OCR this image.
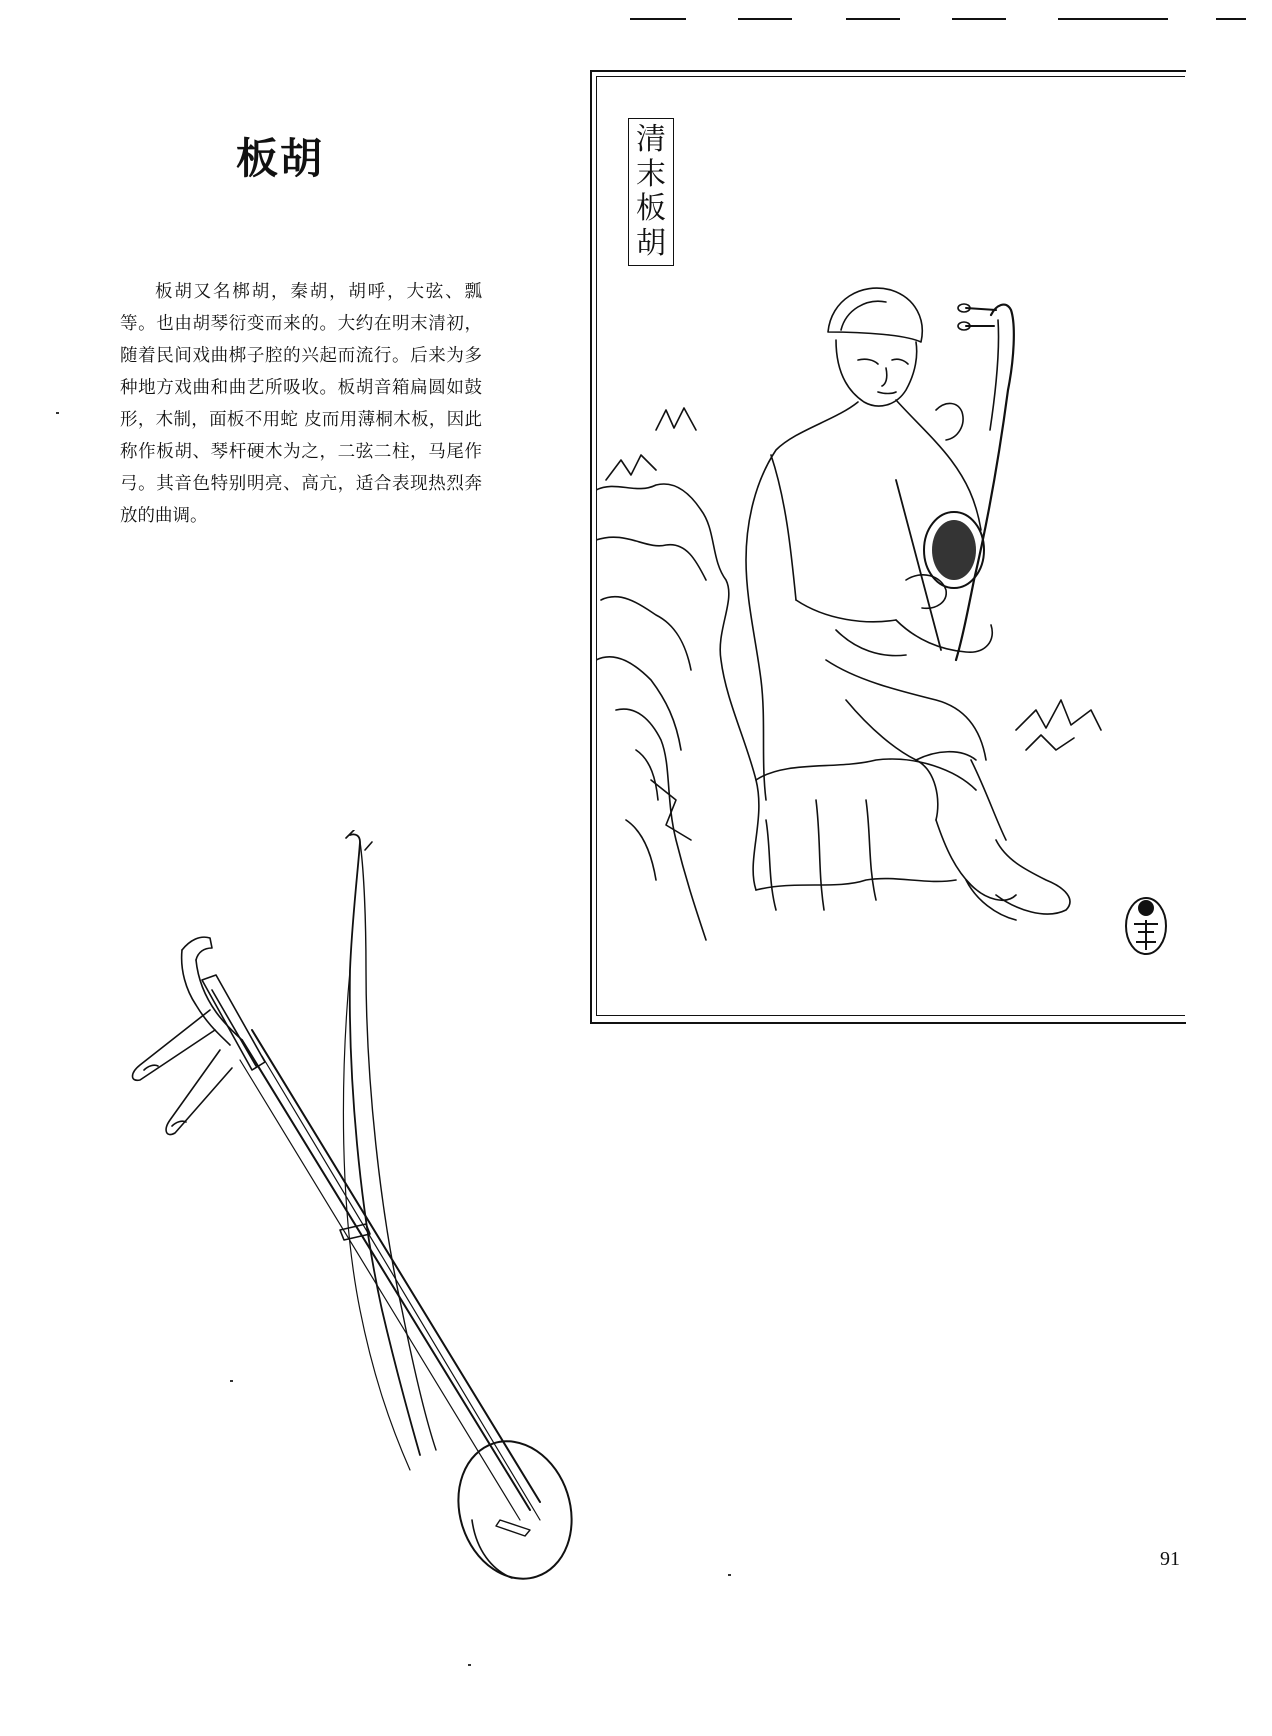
板胡

板胡又名梆胡，秦胡，胡呼，大弦、瓢等。也由胡琴衍变而来的。大约在明末清初，随着民间戏曲梆子腔的兴起而流行。后来为多种地方戏曲和曲艺所吸收。板胡音箱扁圆如鼓形，木制，面板不用蛇 皮而用薄桐木板，因此称作板胡、琴杆硬木为之，二弦二柱，马尾作弓。其音色特别明亮、高亢，适合表现热烈奔放的曲调。

清
末
板
胡
91
